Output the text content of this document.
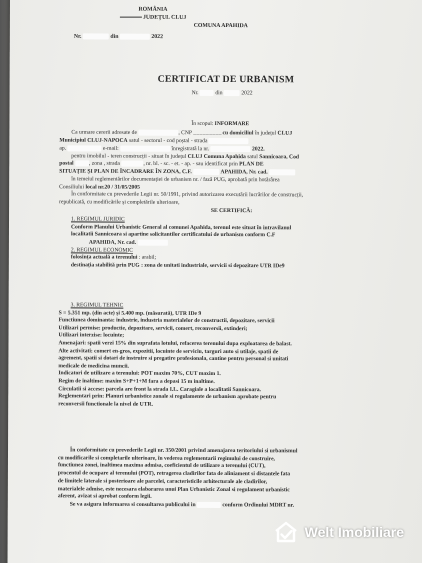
ROMÂNIA
JUDEȚUL CLUJ
COMUNA APAHIDA
Nr.	din	2022
CERTIFICAT DE URBANISM
Nr.	din	2022
În scopul: INFORMARE

Ca urmare cererii adresate de	, CNP _ _ _ _ _ _ _ _ _ cu domiciliul în județul CLUJ

Municipiul CLUJ-NAPOCA satul - sectorul - cod poștal - strada

ap.	e-mail:	înregistrată la nr.	2022.

pentru imobilul - teren construcții - situat în județul CLUJ Comuna Apahida satul Sannicoara, Cod

postal	, zona , strada	, nr. bl. - sc. - et. - ap. - sau identificat prin PLAN DE

SITUAȚIE ȘI PLAN DE ÎNCADRARE ÎN ZONA, C.F.	APAHIDA, Nr. cad.

în temeiul reglementărilor documentației de urbanism nr. / fază PUG, aprobată prin hotărârea

Consiliului local nr.20 / 31/05/2005

În conformitate cu prevederile Legii nr. 50/1991, privind autorizarea executării lucrărilor de construcții,

republicată, cu modificările și completările ulterioare,

SE CERTIFICĂ:

1. REGIMUL JURIDIC

Conform Planului Urbanistic General al comunei Apahida, terenul este situat în intravilanul

localitatii Sannicoara si apartine solicitantilor certificatului de urbanism conform C.F

APAHIDA, Nr. cad.

2. REGIMUL ECONOMIC

folosința actuală a terenului : arabil;

destinația stabilită prin PUG : zona de unitati industriale, servicii si depozitare UTR IDe9

3. REGIMUL TEHNIC

S = 5.351 mp. (din acte) și 5.400 mp. (măsurată), UTR IDe 9

Functiunea dominanta: industrie, industria materialelor de constructii, depozitare, servicii

Utilizari permise: productie, depozitare, servicii, comert, reconversii, extinderi;

Utilizari interzise: locuinte;

Amenajari: spatii verzi 15% din suprafata lotului, refacerea terenului dupa exploatarea de balast.

Alte activitati: comert en-gros, expozitii, locuinte de serviciu, targuri auto si utilaje, spatii de

agrement, spatii si dotari de instruire si pregatire profesionala, cantine pentru personal si unitati

medicale de medicina muncii.

Indicatori de utilizare a terenului: POT maxim 70%, CUT maxim 1.

Regim de inaltime: maxim S+P+1+M fara a depasi 15 m inaltime.

Circulatii si accese: parcela are front la strada I.L. Caragiale a localitatii Sannicoara.

Reglementari prin: Planuri urbanistice zonale si regulamente de urbanism aprobate pentru

reconversii functionale la nivel de UTR.

În conformitate cu prevederile Legii nr. 350/2001 privind amenajarea teritoriului si urbanismul

cu modificarile si completarile ulterioare, în vederea reglementarii regimului de construire,

functiunea zonei, inaltimea maxima admisa, coeficientul de utilizare a terenului (CUT),

procentul de ocupare al terenului (POT), retragerea cladirilor fata de aliniament si distantele fata

de limitele laterale si posterioare ale parcelei, caracteristicile arhitecturale ale cladirilor,

materialele admise, este necesara elaborarea unui Plan Urbanistic Zonal si regulament urbanistic

aferent, avizat si aprobat conform legii.

Se va asigura informarea si consultarea publicului in	conform Ordinului MDRT nr.

Welt Imobiliare
